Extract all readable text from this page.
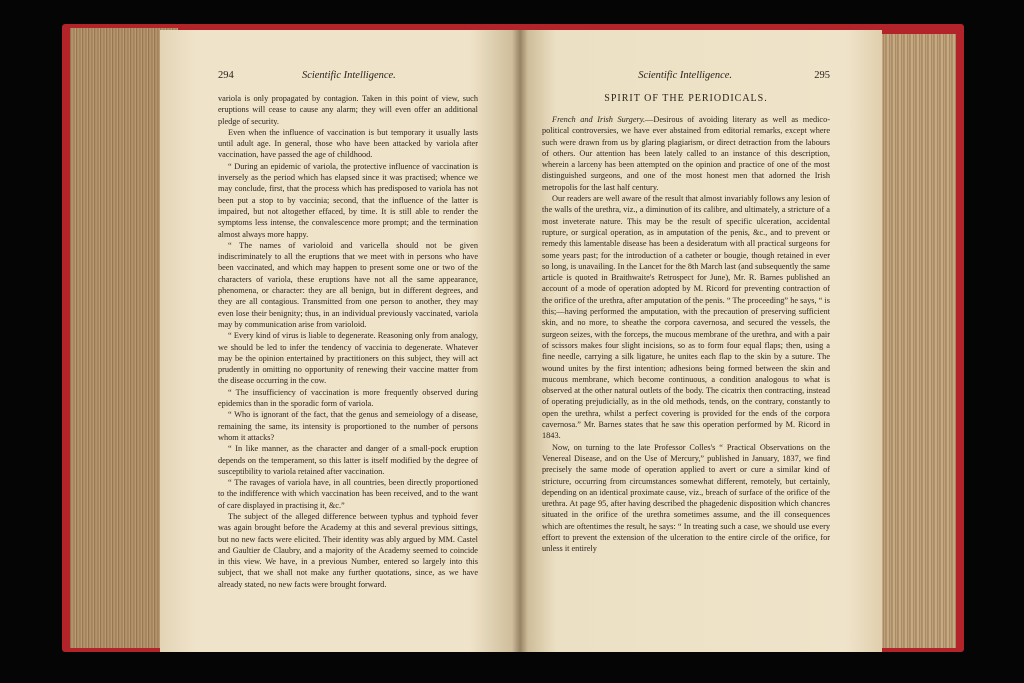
294	Scientific Intelligence.

variola is only propagated by contagion. Taken in this point of view, such eruptions will cease to cause any alarm; they will even offer an additional pledge of security.

Even when the influence of vaccination is but temporary it usually lasts until adult age. In general, those who have been attacked by variola after vaccination, have passed the age of childhood.

“ During an epidemic of variola, the protective influence of vaccination is inversely as the period which has elapsed since it was practised; whence we may conclude, first, that the process which has predisposed to variola has not been put a stop to by vaccinia; second, that the influence of the latter is impaired, but not altogether effaced, by time. It is still able to render the symptoms less intense, the convalescence more prompt; and the termination almost always more happy.

“ The names of varioloid and varicella should not be given indiscriminately to all the eruptions that we meet with in persons who have been vaccinated, and which may happen to present some one or two of the characters of variola, these eruptions have not all the same appearance, phenomena, or character: they are all benign, but in different degrees, and they are all contagious. Transmitted from one person to another, they may even lose their benignity; thus, in an individual previously vaccinated, variola may by communication arise from varioloid.

“ Every kind of virus is liable to degenerate. Reasoning only from analogy, we should be led to infer the tendency of vaccinia to degenerate. Whatever may be the opinion entertained by practitioners on this subject, they will act prudently in omitting no opportunity of renewing their vaccine matter from the disease occurring in the cow.

“ The insufficiency of vaccination is more frequently observed during epidemics than in the sporadic form of variola.

“ Who is ignorant of the fact, that the genus and semeiology of a disease, remaining the same, its intensity is proportioned to the number of persons whom it attacks?

“ In like manner, as the character and danger of a small-pock eruption depends on the temperament, so this latter is itself modified by the degree of susceptibility to variola retained after vaccination.

“ The ravages of variola have, in all countries, been directly proportioned to the indifference with which vaccination has been received, and to the want of care displayed in practising it, &c.”

The subject of the alleged difference between typhus and typhoid fever was again brought before the Academy at this and several previous sittings, but no new facts were elicited. Their identity was ably argued by MM. Castel and Gaultier de Claubry, and a majority of the Academy seemed to coincide in this view. We have, in a previous Number, entered so largely into this subject, that we shall not make any further quotations, since, as we have already stated, no new facts were brought forward.

Scientific Intelligence.	295
SPIRIT OF THE PERIODICALS.

French and Irish Surgery.—Desirous of avoiding literary as well as medico-political controversies, we have ever abstained from editorial remarks, except where such were drawn from us by glaring plagiarism, or direct detraction from the labours of others. Our attention has been lately called to an instance of this description, wherein a larceny has been attempted on the opinion and practice of one of the most distinguished surgeons, and one of the most honest men that adorned the Irish metropolis for the last half century.

Our readers are well aware of the result that almost invariably follows any lesion of the walls of the urethra, viz., a diminution of its calibre, and ultimately, a stricture of a most inveterate nature. This may be the result of specific ulceration, accidental rupture, or surgical operation, as in amputation of the penis, &c., and to prevent or remedy this lamentable disease has been a desideratum with all practical surgeons for some years past; for the introduction of a catheter or bougie, though retained in ever so long, is unavailing. In the Lancet for the 8th March last (and subsequently the same article is quoted in Braithwaite's Retrospect for June), Mr. R. Barnes published an account of a mode of operation adopted by M. Ricord for preventing contraction of the orifice of the urethra, after amputation of the penis. “ The proceeding” he says, “ is this;—having performed the amputation, with the precaution of preserving sufficient skin, and no more, to sheathe the corpora cavernosa, and secured the vessels, the surgeon seizes, with the forceps, the mucous membrane of the urethra, and with a pair of scissors makes four slight incisions, so as to form four equal flaps; then, using a fine needle, carrying a silk ligature, he unites each flap to the skin by a suture. The wound unites by the first intention; adhesions being formed between the skin and mucous membrane, which become continuous, a condition analogous to what is observed at the other natural outlets of the body. The cicatrix then contracting, instead of operating prejudicially, as in the old methods, tends, on the contrary, constantly to open the urethra, whilst a perfect covering is provided for the ends of the corpora cavernosa.” Mr. Barnes states that he saw this operation performed by M. Ricord in 1843.

Now, on turning to the late Professor Colles's “ Practical Observations on the Venereal Disease, and on the Use of Mercury,” published in January, 1837, we find precisely the same mode of operation applied to avert or cure a similar kind of stricture, occurring from circumstances somewhat different, remotely, but certainly, depending on an identical proximate cause, viz., breach of surface of the orifice of the urethra. At page 95, after having described the phagedenic disposition which chancres situated in the orifice of the urethra sometimes assume, and the ill consequences which are oftentimes the result, he says: “ In treating such a case, we should use every effort to prevent the extension of the ulceration to the entire circle of the orifice, for unless it entirely
